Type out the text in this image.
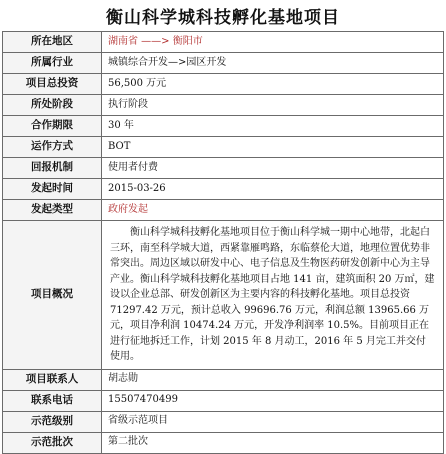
衡山科学城科技孵化基地项目
所在地区	湖南省 ——> 衡阳市
所属行业	城镇综合开发—>园区开发
项目总投资	56,500 万元
所处阶段	执行阶段
合作期限	30 年
运作方式	BOT
回报机制	使用者付费
发起时间	2015-03-26
发起类型	政府发起
项目概况	衡山科学城科技孵化基地项目位于衡山科学城一期中心地带，北起白三环，南至科学城大道，西紧靠雁鸣路，东临蔡伦大道，地理位置优势非常突出。周边区域以研发中心、电子信息及生物医药研发创新中心为主导产业。衡山科学城科技孵化基地项目占地 141 亩，建筑面积 20 万㎡，建设以企业总部、研发创新区为主要内容的科技孵化基地。项目总投资 71297.42 万元，预计总收入 99696.76 万元，利润总额 13965.66 万元，项目净利润 10474.24 万元，开发净利润率 10.5%。目前项目正在进行征地拆迁工作，计划 2015 年 8 月动工，2016 年 5 月完工并交付使用。
项目联系人	胡志勋
联系电话	15507470499
示范级别	省级示范项目
示范批次	第二批次
